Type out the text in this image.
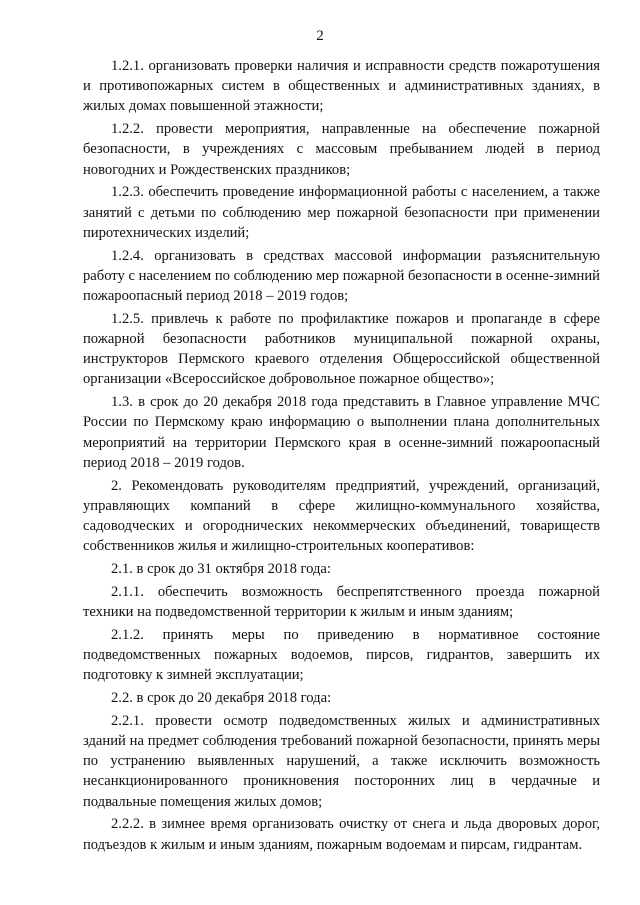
2

1.2.1. организовать проверки наличия и исправности средств пожаротушения и противопожарных систем в общественных и административных зданиях, в жилых домах повышенной этажности;

1.2.2. провести мероприятия, направленные на обеспечение пожарной безопасности, в учреждениях с массовым пребыванием людей в период новогодних и Рождественских праздников;

1.2.3. обеспечить проведение информационной работы с населением, а также занятий с детьми по соблюдению мер пожарной безопасности при применении пиротехнических изделий;

1.2.4. организовать в средствах массовой информации разъяснительную работу с населением по соблюдению мер пожарной безопасности в осенне-зимний пожароопасный период 2018 – 2019 годов;

1.2.5. привлечь к работе по профилактике пожаров и пропаганде в сфере пожарной безопасности работников муниципальной пожарной охраны, инструкторов Пермского краевого отделения Общероссийской общественной организации «Всероссийское добровольное пожарное общество»;

1.3. в срок до 20 декабря 2018 года представить в Главное управление МЧС России по Пермскому краю информацию о выполнении плана дополнительных мероприятий на территории Пермского края в осенне-зимний пожароопасный период 2018 – 2019 годов.

2. Рекомендовать руководителям предприятий, учреждений, организаций, управляющих компаний в сфере жилищно-коммунального хозяйства, садоводческих и огороднических некоммерческих объединений, товариществ собственников жилья и жилищно-строительных кооперативов:

2.1. в срок до 31 октября 2018 года:

2.1.1. обеспечить возможность беспрепятственного проезда пожарной техники на подведомственной территории к жилым и иным зданиям;

2.1.2. принять меры по приведению в нормативное состояние подведомственных пожарных водоемов, пирсов, гидрантов, завершить их подготовку к зимней эксплуатации;

2.2. в срок до 20 декабря 2018 года:

2.2.1. провести осмотр подведомственных жилых и административных зданий на предмет соблюдения требований пожарной безопасности, принять меры по устранению выявленных нарушений, а также исключить возможность несанкционированного проникновения посторонних лиц в чердачные и подвальные помещения жилых домов;

2.2.2. в зимнее время организовать очистку от снега и льда дворовых дорог, подъездов к жилым и иным зданиям, пожарным водоемам и пирсам, гидрантам.
